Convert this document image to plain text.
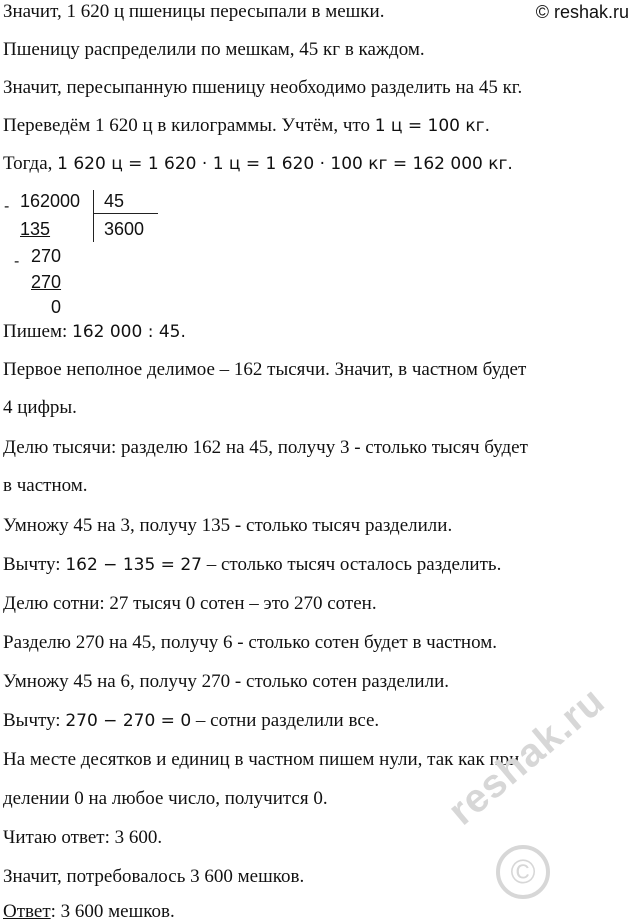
© reshak.ru
Значит, 1 620 ц пшеницы пересыпали в мешки.
Пшеницу распределили по мешкам, 45 кг в каждом.
Значит, пересыпанную пшеницу необходимо разделить на 45 кг.
Переведём 1 620 ц в килограммы. Учтём, что 1 ц = 100 кг.
Тогда, 1 620 ц = 1 620 · 1 ц = 1 620 · 100 кг = 162 000 кг.
- 162000 45
3600
135
- 270
270
0
Пишем: 162 000 : 45.
Первое неполное делимое – 162 тысячи. Значит, в частном будет
4 цифры.
Делю тысячи: разделю 162 на 45, получу 3 - столько тысяч будет
в частном.
Умножу 45 на 3, получу 135 - столько тысяч разделили.
Вычту: 162 − 135 = 27 – столько тысяч осталось разделить.
Делю сотни: 27 тысяч 0 сотен – это 270 сотен.
Разделю 270 на 45, получу 6 - столько сотен будет в частном.
Умножу 45 на 6, получу 270 - столько сотен разделили.
Вычту: 270 − 270 = 0 – сотни разделили все.
На месте десятков и единиц в частном пишем нули, так как при
делении 0 на любое число, получится 0.
Читаю ответ: 3 600.
Значит, потребовалось 3 600 мешков.
Ответ: 3 600 мешков.
reshak.ru
©
